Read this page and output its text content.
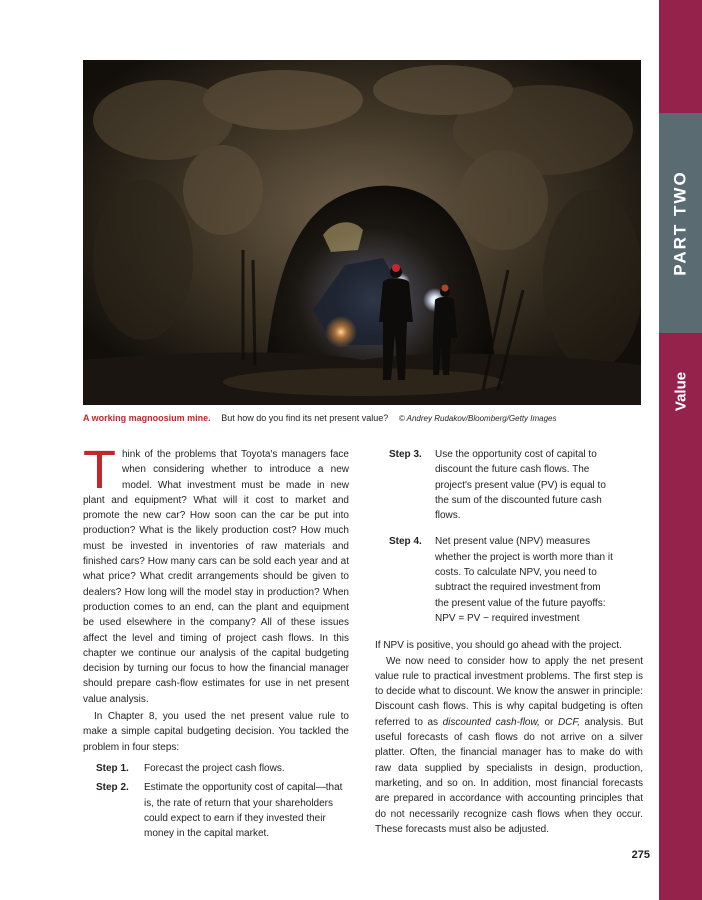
PART TWO
Value
A working magnoosium mine. But how do you find its net present value? © Andrey Rudakov/Bloomberg/Getty Images

Think of the problems that Toyota's managers face when considering whether to introduce a new model. What investment must be made in new plant and equipment? What will it cost to market and promote the new car? How soon can the car be put into production? What is the likely production cost? How much must be invested in inventories of raw materials and finished cars? How many cars can be sold each year and at what price? What credit arrangements should be given to dealers? How long will the model stay in production? When production comes to an end, can the plant and equipment be used elsewhere in the company? All of these issues affect the level and timing of project cash flows. In this chapter we continue our analysis of the capital budgeting decision by turning our focus to how the financial manager should prepare cash-flow estimates for use in net present value analysis.

In Chapter 8, you used the net present value rule to make a simple capital budgeting decision. You tackled the problem in four steps:

Step 1.	Forecast the project cash flows.
Step 2.	Estimate the opportunity cost of capital—that is, the rate of return that your shareholders could expect to earn if they invested their money in the capital market.
Step 3.	Use the opportunity cost of capital to discount the future cash flows. The project's present value (PV) is equal to the sum of the discounted future cash flows.
Step 4.	Net present value (NPV) measures whether the project is worth more than it costs. To calculate NPV, you need to subtract the required investment from the present value of the future payoffs:
NPV = PV − required investment

If NPV is positive, you should go ahead with the project.

We now need to consider how to apply the net present value rule to practical investment problems. The first step is to decide what to discount. We know the answer in principle: Discount cash flows. This is why capital budgeting is often referred to as discounted cash-flow, or DCF, analysis. But useful forecasts of cash flows do not arrive on a silver platter. Often, the financial manager has to make do with raw data supplied by specialists in design, production, marketing, and so on. In addition, most financial forecasts are prepared in accordance with accounting principles that do not necessarily recognize cash flows when they occur. These forecasts must also be adjusted.

275
